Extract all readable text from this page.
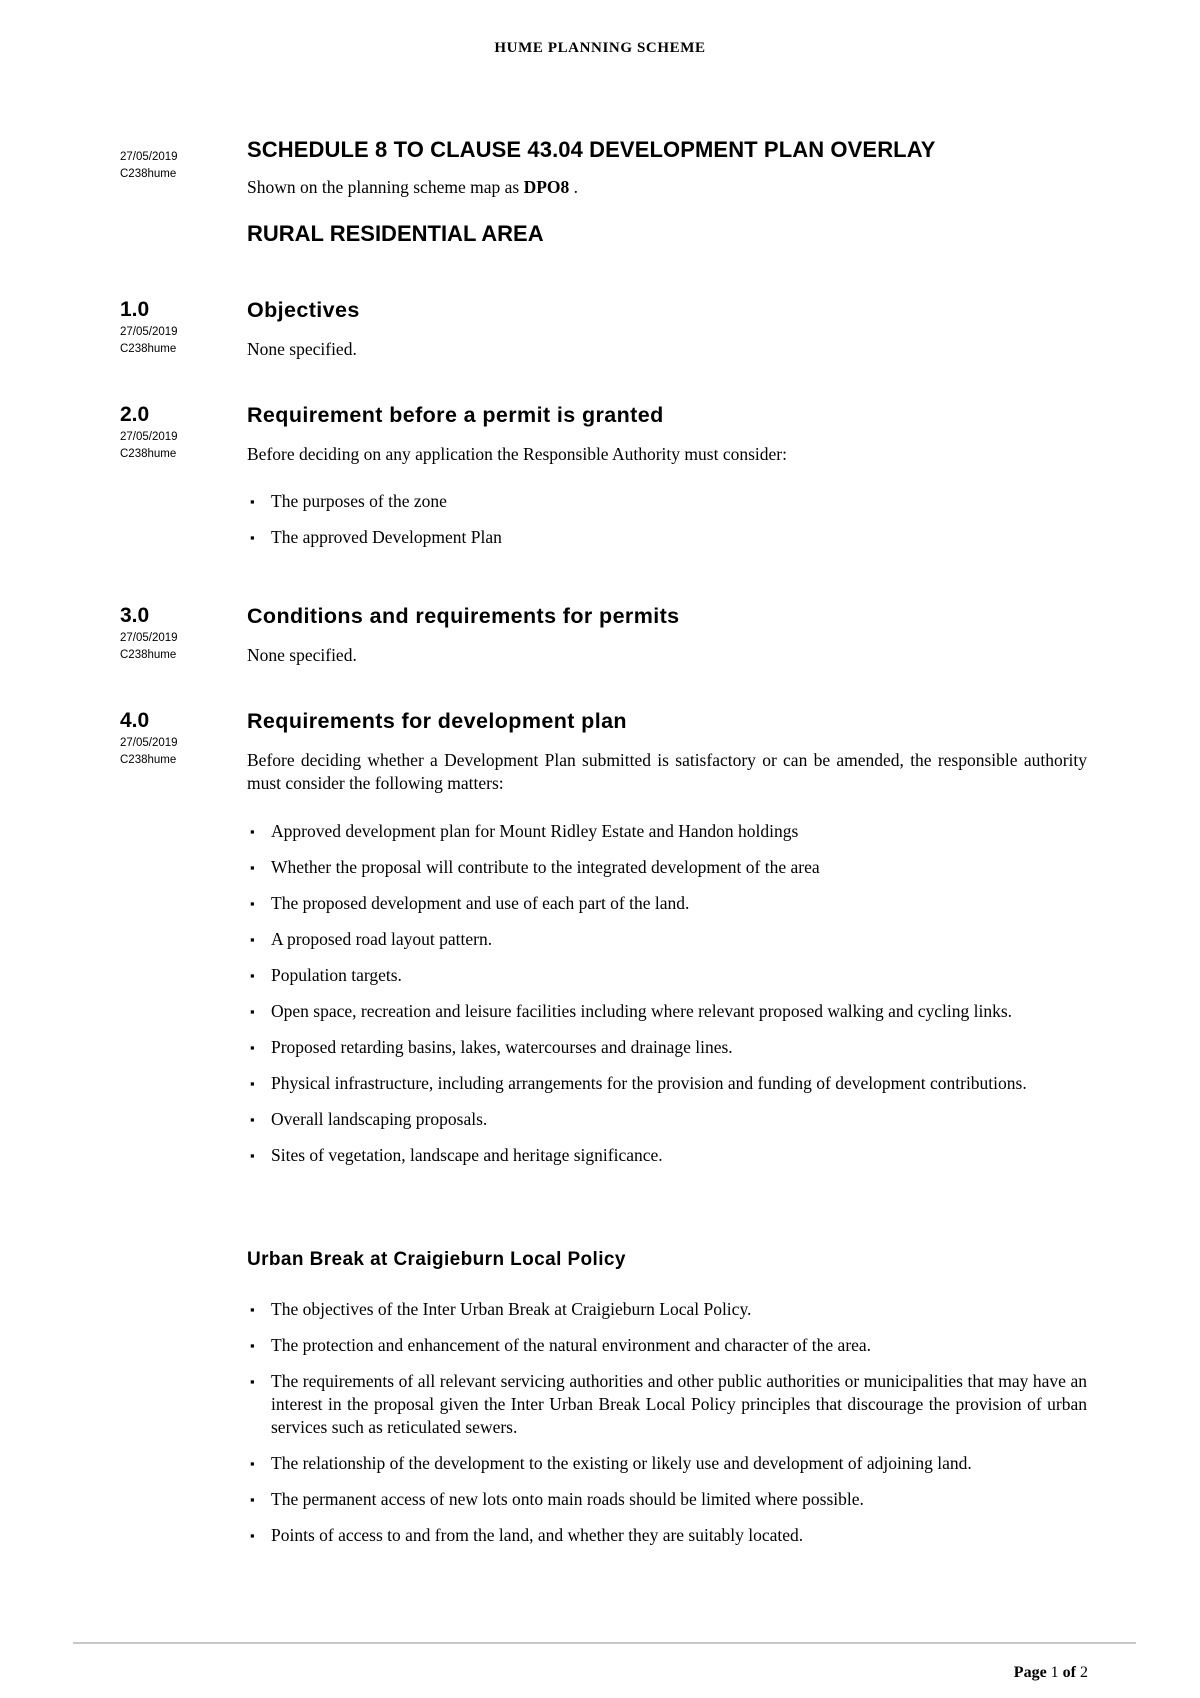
HUME PLANNING SCHEME
27/05/2019
C238hume
SCHEDULE 8 TO CLAUSE 43.04 DEVELOPMENT PLAN OVERLAY
Shown on the planning scheme map as DPO8 .
RURAL RESIDENTIAL AREA
1.0
27/05/2019
C238hume
Objectives
None specified.
2.0
27/05/2019
C238hume
Requirement before a permit is granted
Before deciding on any application the Responsible Authority must consider:
▪ The purposes of the zone
▪ The approved Development Plan
3.0
27/05/2019
C238hume
Conditions and requirements for permits
None specified.
4.0
27/05/2019
C238hume
Requirements for development plan
Before deciding whether a Development Plan submitted is satisfactory or can be amended, the responsible authority must consider the following matters:
▪ Approved development plan for Mount Ridley Estate and Handon holdings
▪ Whether the proposal will contribute to the integrated development of the area
▪ The proposed development and use of each part of the land.
▪ A proposed road layout pattern.
▪ Population targets.
▪ Open space, recreation and leisure facilities including where relevant proposed walking and cycling links.
▪ Proposed retarding basins, lakes, watercourses and drainage lines.
▪ Physical infrastructure, including arrangements for the provision and funding of development contributions.
▪ Overall landscaping proposals.
▪ Sites of vegetation, landscape and heritage significance.
Urban Break at Craigieburn Local Policy
▪ The objectives of the Inter Urban Break at Craigieburn Local Policy.
▪ The protection and enhancement of the natural environment and character of the area.
▪ The requirements of all relevant servicing authorities and other public authorities or municipalities that may have an interest in the proposal given the Inter Urban Break Local Policy principles that discourage the provision of urban services such as reticulated sewers.
▪ The relationship of the development to the existing or likely use and development of adjoining land.
▪ The permanent access of new lots onto main roads should be limited where possible.
▪ Points of access to and from the land, and whether they are suitably located.
Page 1 of 2
